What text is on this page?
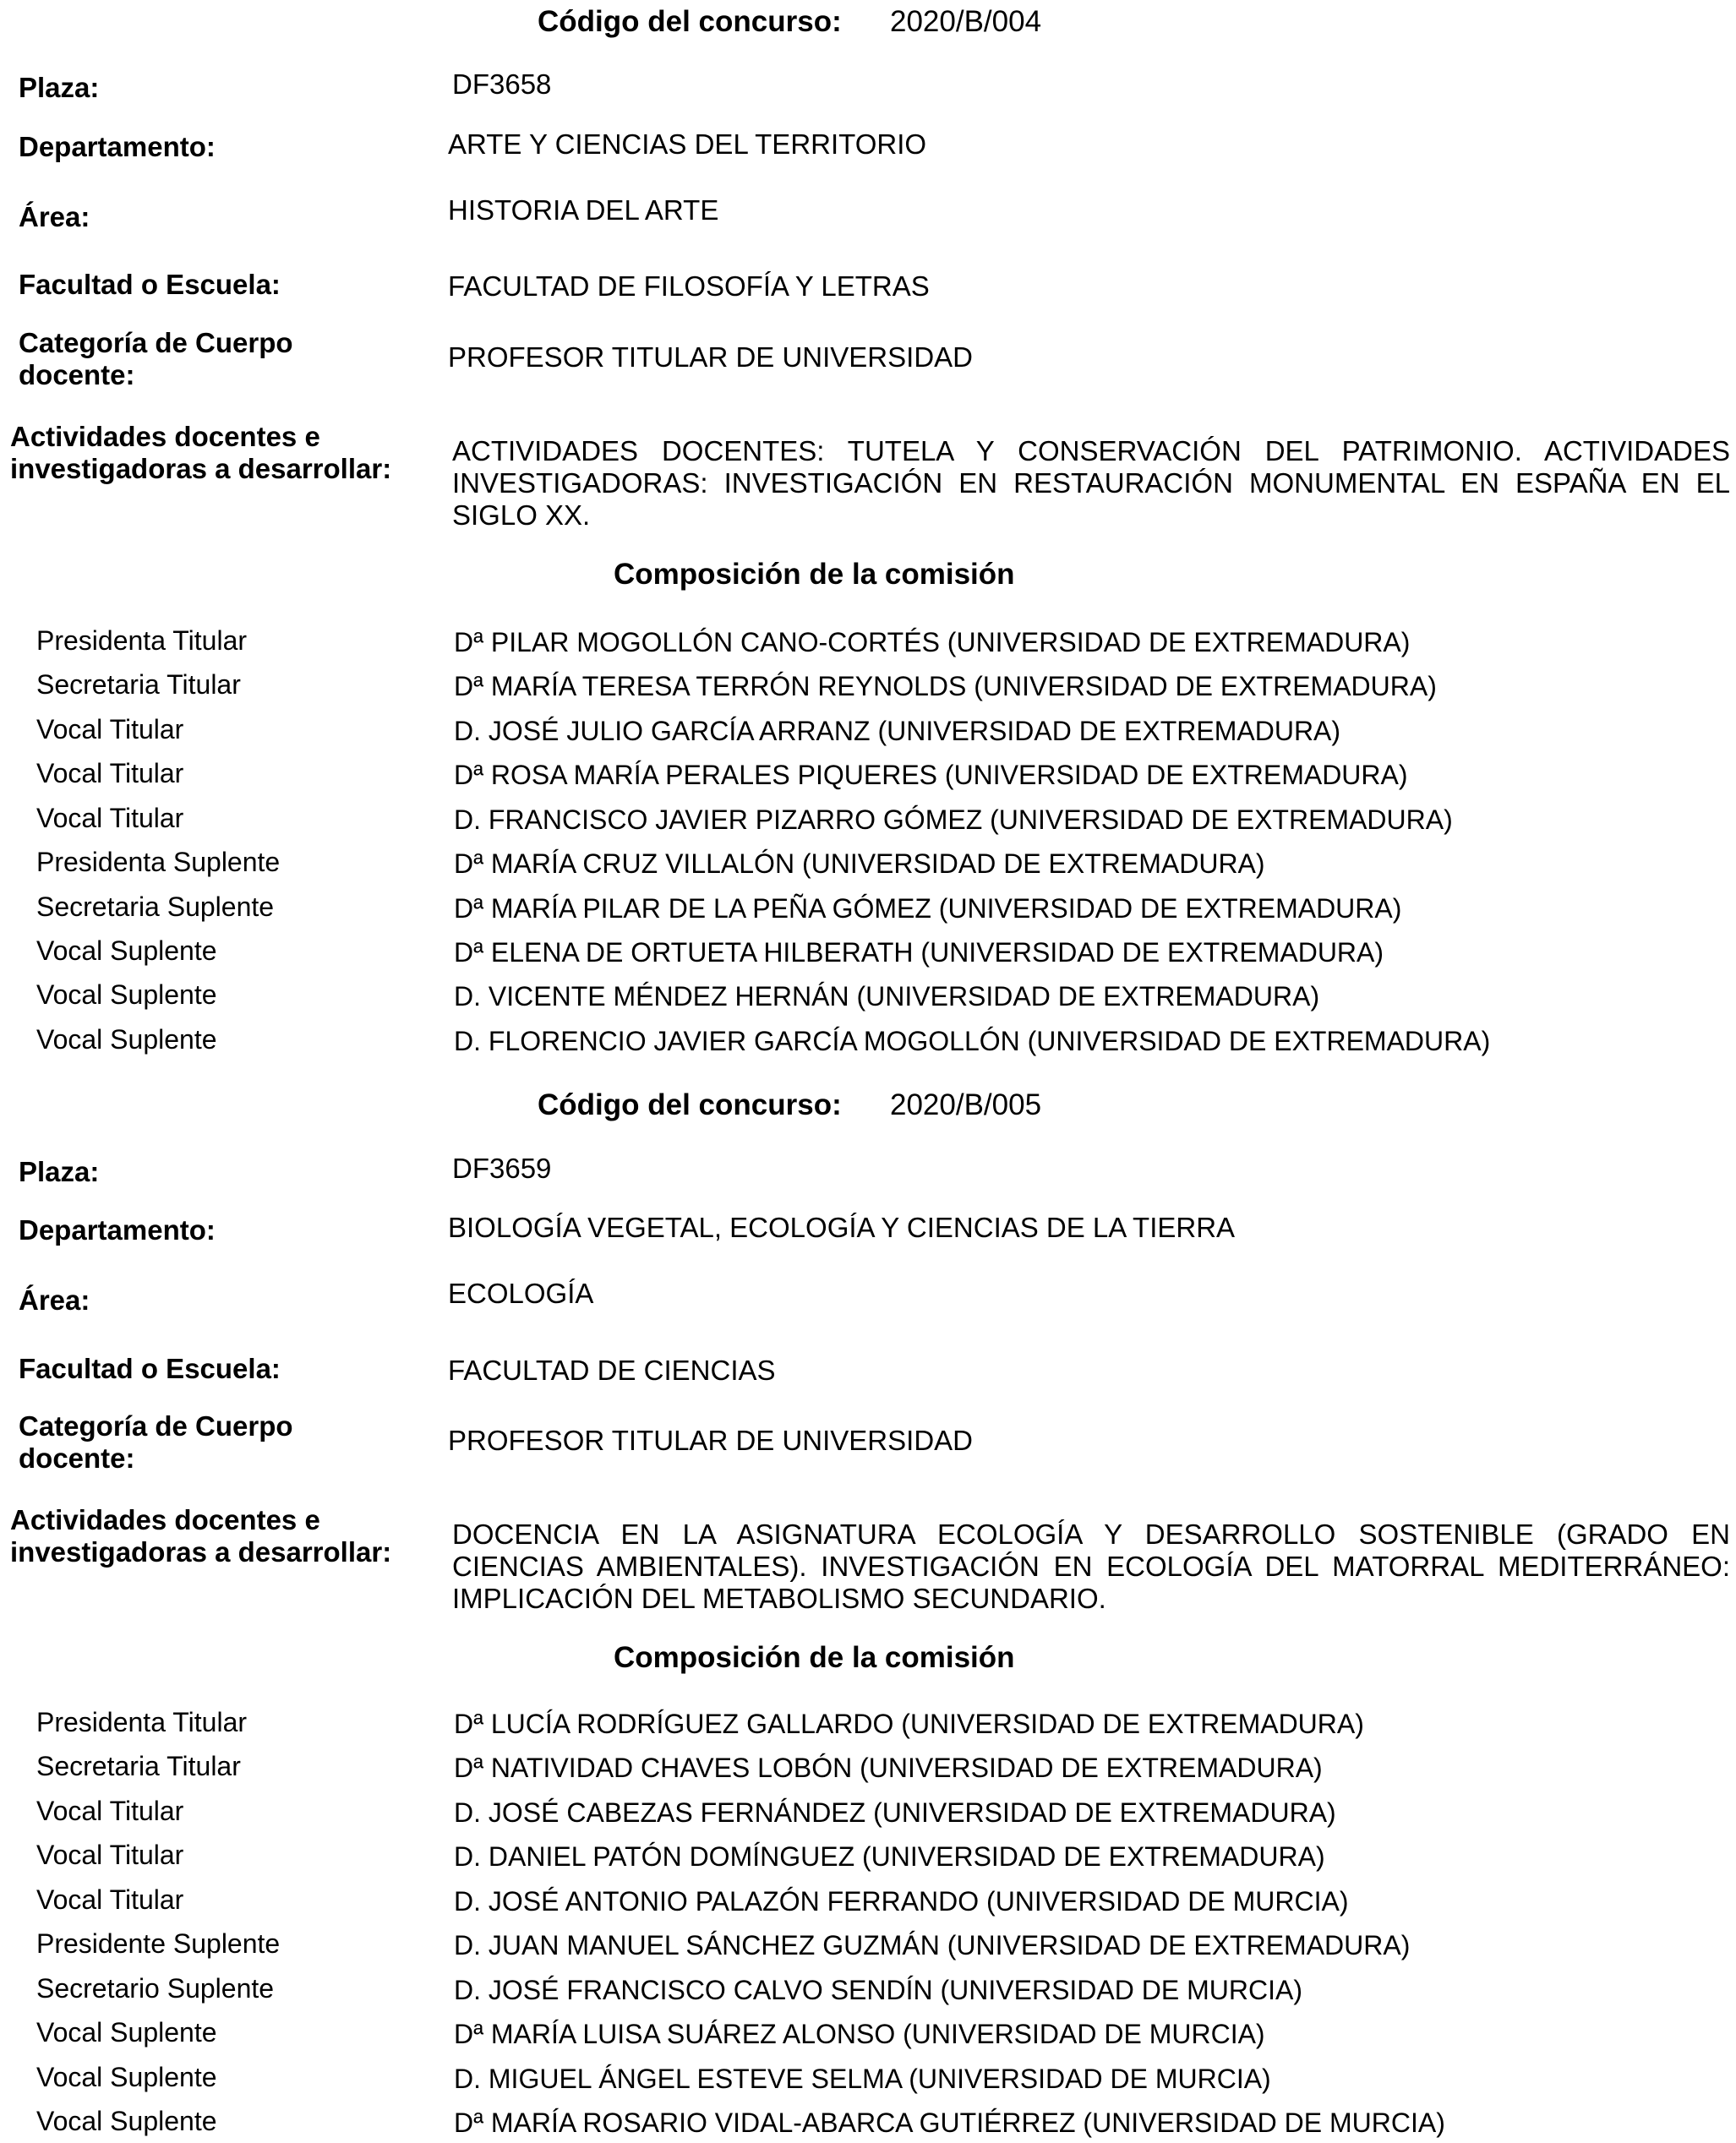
Código del concurso: 2020/B/004
Plaza:	DF3658
Departamento:	ARTE Y CIENCIAS DEL TERRITORIO
Área:	HISTORIA DEL ARTE
Facultad o Escuela:	FACULTAD DE FILOSOFÍA Y LETRAS
Categoría de Cuerpo
docente:
PROFESOR TITULAR DE UNIVERSIDAD
Actividades docentes e
investigadoras a desarrollar:
ACTIVIDADES DOCENTES: TUTELA Y CONSERVACIÓN DEL PATRIMONIO. ACTIVIDADES INVESTIGADORAS: INVESTIGACIÓN EN RESTAURACIÓN MONUMENTAL EN ESPAÑA EN EL SIGLO XX.
Composición de la comisión
Presidenta Titular	Dª PILAR MOGOLLÓN CANO-CORTÉS (UNIVERSIDAD DE EXTREMADURA)
Secretaria Titular	Dª MARÍA TERESA TERRÓN REYNOLDS (UNIVERSIDAD DE EXTREMADURA)
Vocal Titular	D. JOSÉ JULIO GARCÍA ARRANZ (UNIVERSIDAD DE EXTREMADURA)
Vocal Titular	Dª ROSA MARÍA PERALES PIQUERES (UNIVERSIDAD DE EXTREMADURA)
Vocal Titular	D. FRANCISCO JAVIER PIZARRO GÓMEZ (UNIVERSIDAD DE EXTREMADURA)
Presidenta Suplente	Dª MARÍA CRUZ VILLALÓN (UNIVERSIDAD DE EXTREMADURA)
Secretaria Suplente	Dª MARÍA PILAR DE LA PEÑA GÓMEZ (UNIVERSIDAD DE EXTREMADURA)
Vocal Suplente	Dª ELENA DE ORTUETA HILBERATH (UNIVERSIDAD DE EXTREMADURA)
Vocal Suplente	D. VICENTE MÉNDEZ HERNÁN (UNIVERSIDAD DE EXTREMADURA)
Vocal Suplente	D. FLORENCIO JAVIER GARCÍA MOGOLLÓN (UNIVERSIDAD DE EXTREMADURA)
Código del concurso: 2020/B/005
Plaza:	DF3659
Departamento:	BIOLOGÍA VEGETAL, ECOLOGÍA Y CIENCIAS DE LA TIERRA
Área:	ECOLOGÍA
Facultad o Escuela:	FACULTAD DE CIENCIAS
Categoría de Cuerpo
docente:
PROFESOR TITULAR DE UNIVERSIDAD
Actividades docentes e
investigadoras a desarrollar:
DOCENCIA EN LA ASIGNATURA ECOLOGÍA Y DESARROLLO SOSTENIBLE (GRADO EN CIENCIAS AMBIENTALES). INVESTIGACIÓN EN ECOLOGÍA DEL MATORRAL MEDITERRÁNEO: IMPLICACIÓN DEL METABOLISMO SECUNDARIO.
Composición de la comisión
Presidenta Titular	Dª LUCÍA RODRÍGUEZ GALLARDO (UNIVERSIDAD DE EXTREMADURA)
Secretaria Titular	Dª NATIVIDAD CHAVES LOBÓN (UNIVERSIDAD DE EXTREMADURA)
Vocal Titular	D. JOSÉ CABEZAS FERNÁNDEZ (UNIVERSIDAD DE EXTREMADURA)
Vocal Titular	D. DANIEL PATÓN DOMÍNGUEZ (UNIVERSIDAD DE EXTREMADURA)
Vocal Titular	D. JOSÉ ANTONIO PALAZÓN FERRANDO (UNIVERSIDAD DE MURCIA)
Presidente Suplente	D. JUAN MANUEL SÁNCHEZ GUZMÁN (UNIVERSIDAD DE EXTREMADURA)
Secretario Suplente	D. JOSÉ FRANCISCO CALVO SENDÍN (UNIVERSIDAD DE MURCIA)
Vocal Suplente	Dª MARÍA LUISA SUÁREZ ALONSO (UNIVERSIDAD DE MURCIA)
Vocal Suplente	D. MIGUEL ÁNGEL ESTEVE SELMA (UNIVERSIDAD DE MURCIA)
Vocal Suplente	Dª MARÍA ROSARIO VIDAL-ABARCA GUTIÉRREZ (UNIVERSIDAD DE MURCIA)
